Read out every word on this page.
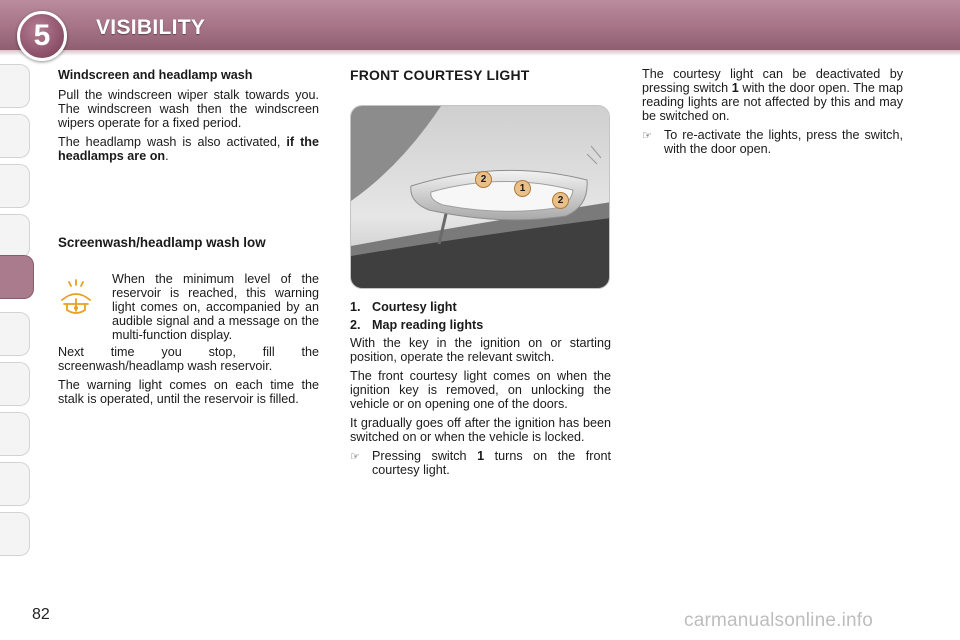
5	VISIBILITY
Windscreen and headlamp wash

Pull the windscreen wiper stalk towards you. The windscreen wash then the windscreen wipers operate for a fixed period.

The headlamp wash is also activated, if the headlamps are on.

Screenwash/headlamp wash low

When the minimum level of the reservoir is reached, this warning light comes on, accompanied by an audible signal and a message on the multi-function display.

Next time you stop, fill the screenwash/headlamp wash reservoir.

The warning light comes on each time the stalk is operated, until the reservoir is filled.

FRONT COURTESY LIGHT
2
1
2
1. Courtesy light
2. Map reading lights

With the key in the ignition on or starting position, operate the relevant switch.

The front courtesy light comes on when the ignition key is removed, on unlocking the vehicle or on opening one of the doors.

It gradually goes off after the ignition has been switched on or when the vehicle is locked.

☞ Pressing switch 1 turns on the front courtesy light.

The courtesy light can be deactivated by pressing switch 1 with the door open. The map reading lights are not affected by this and may be switched on.

☞ To re-activate the lights, press the switch, with the door open.
82	carmanualsonline.info
